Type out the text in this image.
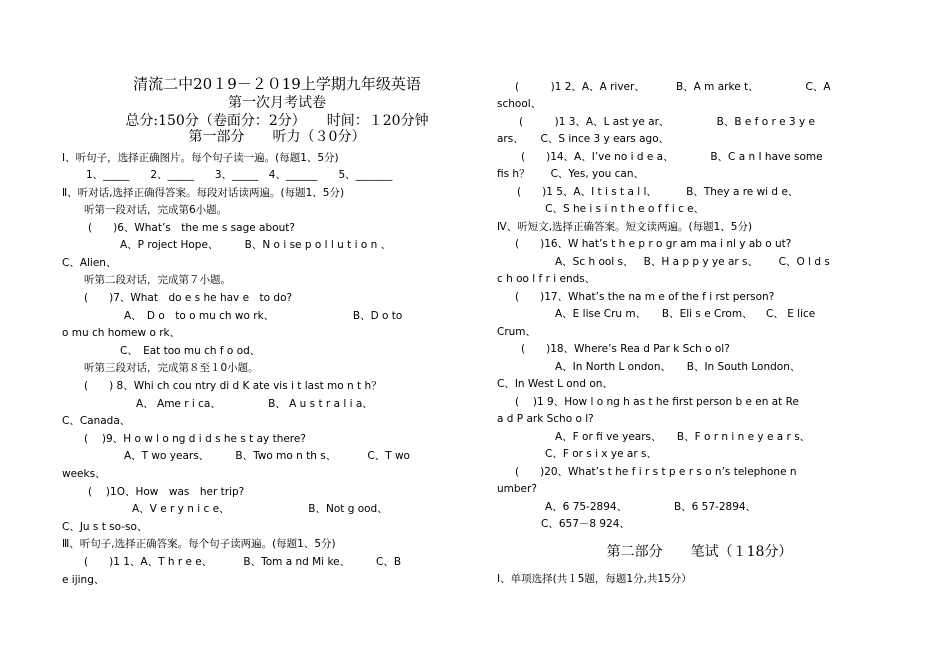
清流二中20１9－２０19上学期九年级英语
第一次月考试卷
总分:150分（卷面分：2分）　　时间：１20分钟
第一部分　　听力（３0分）
Ⅰ、听句子，选择正确图片。每个句子读一遍。(每题1、5分)
1、_____　　2、_____　　3、_____　4、______　　5、_______
Ⅱ、听对话,选择正确得答案。每段对话读两遍。(每题1、5分)
听第一段对话，完成第6小题。
(　　)6、What’s　the me s sage about?
A、P roject Hope、　　　B、N o i se p o l l u t i o n 、
C、Alien、
听第二段对话，完成第７小题。
(　　)7、What　do e s he hav e　to do?
A、　D o　to o mu ch wo rk、　　　　　　　　B、D o to
o mu ch homew o rk、ﾠ
C、　Eat too mu ch f o od、
听第三段对话，完成第８至１0小题。
(　　) 8、Whi ch cou ntry di d K ate vis i t last mo n t h？
A、 Ame r i ca、　　　　　B、 A u s t r a l i a、
C、Canada、
(　 )9、H o w l o ng d i d s he s t ay there?
A、T wo years、　　　B、Two mo n th s、ﾠ　　C、T wo
weeks、
(　 )1O、How　was　her trip?
A、V e r y n i c e、　　　　　　　　B、Not g ood、
C、Ju s t so-so、
Ⅲ、听句子,选择正确答案。每个句子读两遍。(每题1、5分)
(　　)1 1、A、T h r e e、ﾠ　　B、Tom a nd Mi ke、　　ﾠC、B
e ijing、
(　　　)1 2、A、A river、ﾠ　　B、A m arke t、　　　　ﾠC、A
school、
(　　　)1 3、A、L ast ye ar、　　　　　B、B e f o r e 3 y e
ars、 ﾠ C、S ince 3 y ears ago、
(　　)14、A、I’ve no i d e a、　　　　B、C a n I have some
fis h？　　C、Yes, you can、
(　　)1 5、A、I t i s t a l l、　　ﾠ B、They a re wi d e、
ﾠC、S he i s i n t h e o f f i c e、
Ⅳ、听短文,选择正确答案。短文读两遍。(每题1、5分)
(　　)16、W hat’s t h e p r o gr am ma i nl y ab o ut?
A、Sc h ool s、ﾠB、H a p p y ye ar s、ﾠ　C、O l d s
c h oo l f r i ends、
(　　)17、What’s the na m e of the f i rst person?
A、E lise Cru m、　　B、Eli s e Crom、ﾠ C、 E lice
Crum、
(　　)18、Where’s Rea d Par k Sch o ol?
A、In North L ondon、　　B、In South London、
C、In West L ond on、
(　 )1 9、How l o ng h as t he first person b e en at Re
a d P ark Scho o l?
A、F or fi ve years、　ﾠB、F o r n i n e y e a r s、ﾠ
C、F or s i x ye ar s、
(　　)20、What’s t he f i r s t p e r s o n’s telephone n
umber?
A、6 75-2894、　　　　ﾠB、6 57-2894、
C、657－8 924、
第二部分　　笔试（１18分）
Ⅰ、单项选择(共１5题，每题1分,共15分）
